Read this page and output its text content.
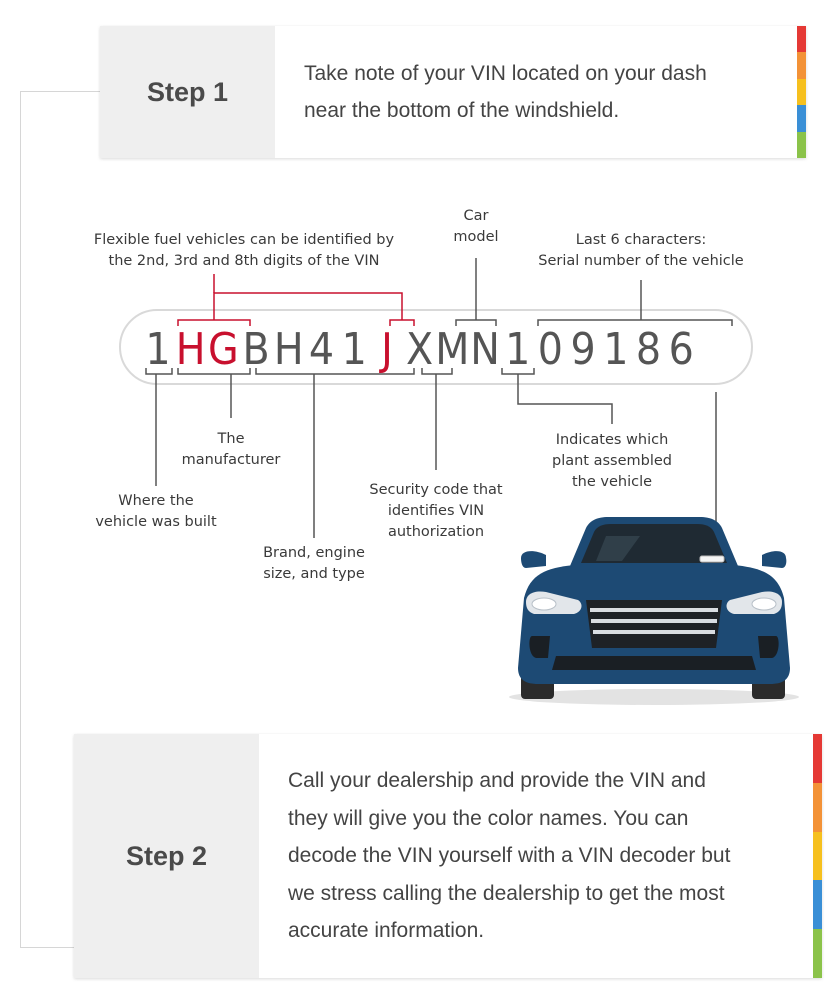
Step 1
Take note of your VIN located on your dash
near the bottom of the windshield.
1 H G B H 4 1 J X M N 1 0 9 1 8 6
Flexible fuel vehicles can be identified by
the 2nd, 3rd and 8th digits of the VIN
Car
model	Last 6 characters:
Serial number of the vehicle
The
manufacturer
Where the
vehicle was built
Brand, engine
size, and type
Security code that
identifies VIN
authorization
Indicates which
plant assembled
the vehicle
Step 2
Call your dealership and provide the VIN and
they will give you the color names. You can
decode the VIN yourself with a VIN decoder but
we stress calling the dealership to get the most
accurate information.
